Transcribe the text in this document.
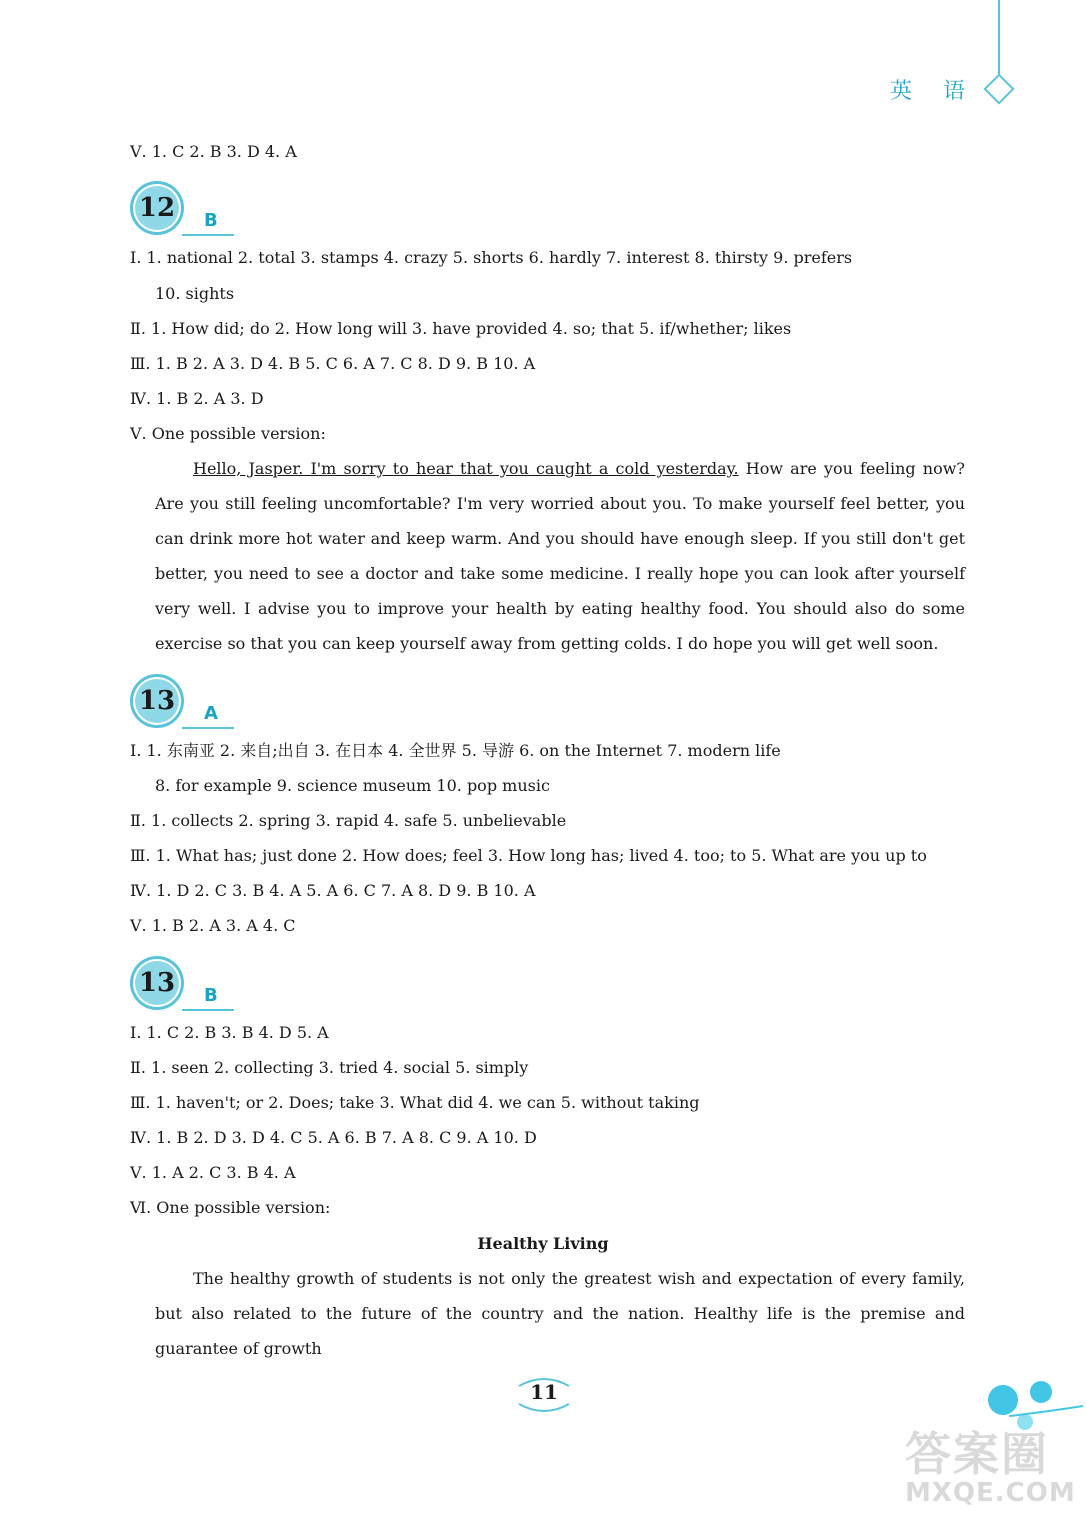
英 语
Ⅴ. 1. C 2. B 3. D 4. A
12	B
Ⅰ. 1. national 2. total 3. stamps 4. crazy 5. shorts 6. hardly 7. interest 8. thirsty 9. prefers
10. sights
Ⅱ. 1. How did; do 2. How long will 3. have provided 4. so; that 5. if/whether; likes
Ⅲ. 1. B 2. A 3. D 4. B 5. C 6. A 7. C 8. D 9. B 10. A
Ⅳ. 1. B 2. A 3. D
Ⅴ. One possible version:

Hello, Jasper. I'm sorry to hear that you caught a cold yesterday. How are you feeling now? Are you still feeling uncomfortable? I'm very worried about you. To make yourself feel better, you can drink more hot water and keep warm. And you should have enough sleep. If you still don't get better, you need to see a doctor and take some medicine. I really hope you can look after yourself very well. I advise you to improve your health by eating healthy food. You should also do some exercise so that you can keep yourself away from getting colds. I do hope you will get well soon.

13	A
Ⅰ. 1. 东南亚 2. 来自;出自 3. 在日本 4. 全世界 5. 导游 6. on the Internet 7. modern life
8. for example 9. science museum 10. pop music
Ⅱ. 1. collects 2. spring 3. rapid 4. safe 5. unbelievable
Ⅲ. 1. What has; just done 2. How does; feel 3. How long has; lived 4. too; to 5. What are you up to
Ⅳ. 1. D 2. C 3. B 4. A 5. A 6. C 7. A 8. D 9. B 10. A
Ⅴ. 1. B 2. A 3. A 4. C
13	B
Ⅰ. 1. C 2. B 3. B 4. D 5. A
Ⅱ. 1. seen 2. collecting 3. tried 4. social 5. simply
Ⅲ. 1. haven't; or 2. Does; take 3. What did 4. we can 5. without taking
Ⅳ. 1. B 2. D 3. D 4. C 5. A 6. B 7. A 8. C 9. A 10. D
Ⅴ. 1. A 2. C 3. B 4. A
Ⅵ. One possible version:
Healthy Living

The healthy growth of students is not only the greatest wish and expectation of every family, but also related to the future of the country and the nation. Healthy life is the premise and guarantee of growth

11
答案圈
MXQE.COM
